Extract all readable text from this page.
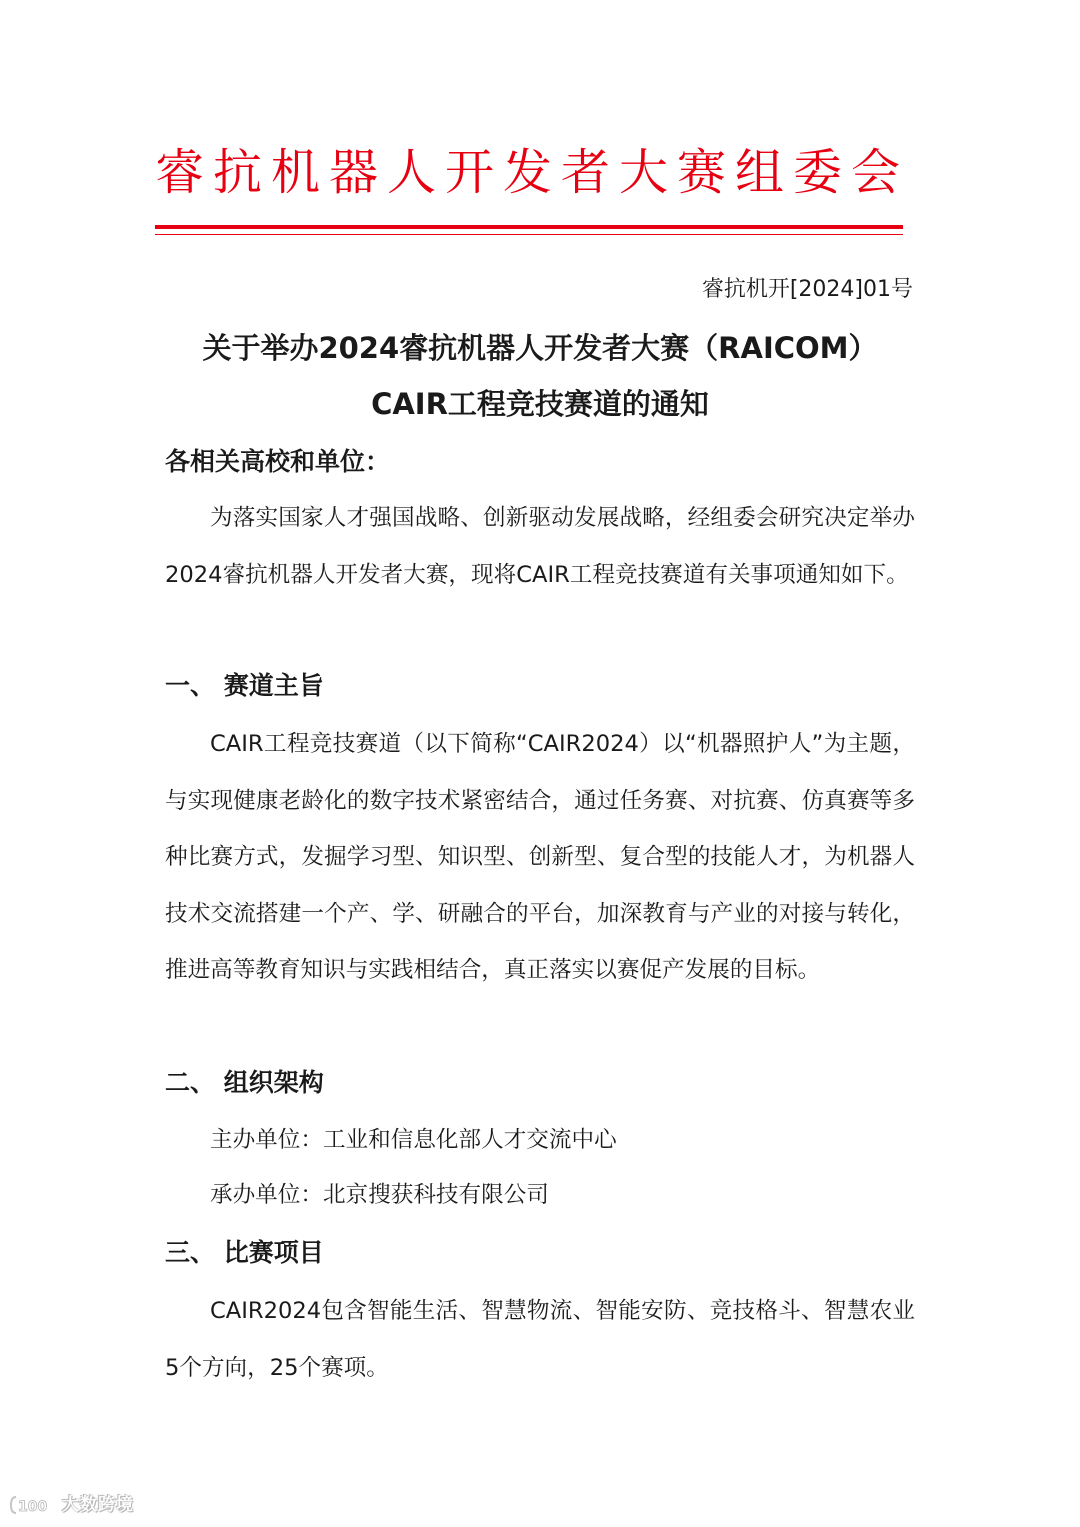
睿抗机器人开发者大赛组委会
睿抗机开[2024]01号
关于举办2024睿抗机器人开发者大赛（RAICOM）
CAIR工程竞技赛道的通知
各相关高校和单位：

为落实国家人才强国战略、创新驱动发展战略，经组委会研究决定举办2024睿抗机器人开发者大赛，现将CAIR工程竞技赛道有关事项通知如下。

一、 赛道主旨

CAIR工程竞技赛道（以下简称“CAIR2024）以“机器照护人”为主题，与实现健康老龄化的数字技术紧密结合，通过任务赛、对抗赛、仿真赛等多种比赛方式，发掘学习型、知识型、创新型、复合型的技能人才，为机器人技术交流搭建一个产、学、研融合的平台，加深教育与产业的对接与转化，推进高等教育知识与实践相结合，真正落实以赛促产发展的目标。

二、 组织架构
主办单位：工业和信息化部人才交流中心
承办单位：北京搜获科技有限公司
三、 比赛项目

CAIR2024包含智能生活、智慧物流、智能安防、竞技格斗、智慧农业5个方向，25个赛项。

100 大数跨境
